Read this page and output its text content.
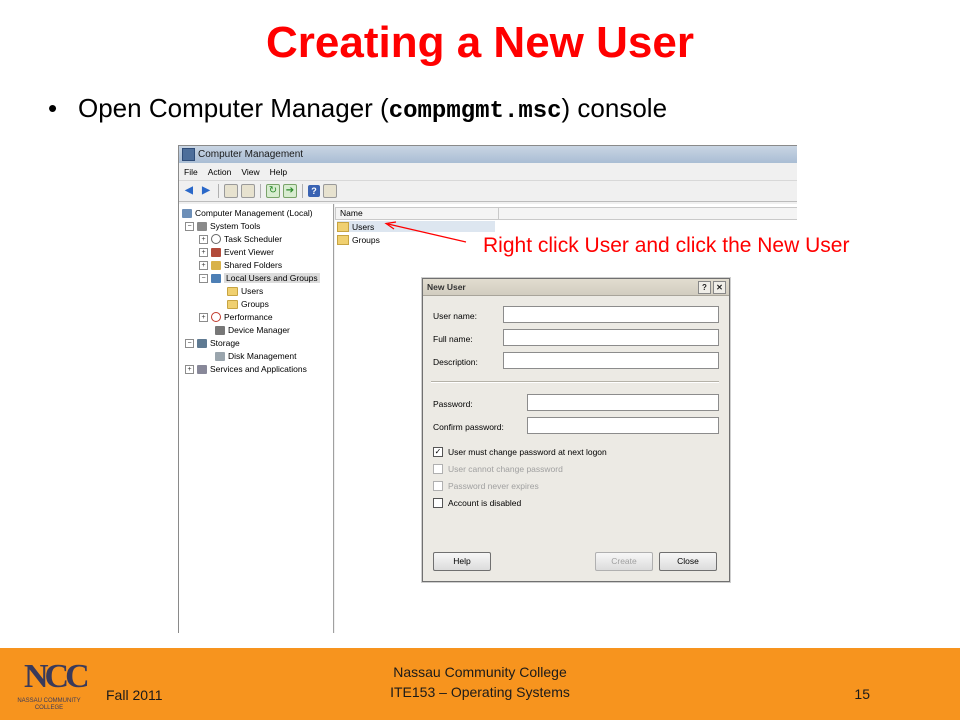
Creating a New User
• Open Computer Manager (compmgmt.msc) console
Computer Management
File	Action	View	Help
◀ ▶	↻ ➔	?
Computer Management (Local)
− System Tools
+ Task Scheduler
+ Event Viewer
+ Shared Folders
− Local Users and Groups
Users
Groups
+ Performance
Device Manager
− Storage
Disk Management
+ Services and Applications
Name
Users
Groups	Right click User and click the New User
New User	?	✕
User name:
Full name:
Description:
Password:
Confirm password:
✓ User must change password at next logon
User cannot change password
Password never expires
Account is disabled
Help	Create	Close
NCC
NASSAU COMMUNITY COLLEGE
Fall 2011
Nassau Community College
ITE153 – Operating Systems	15
